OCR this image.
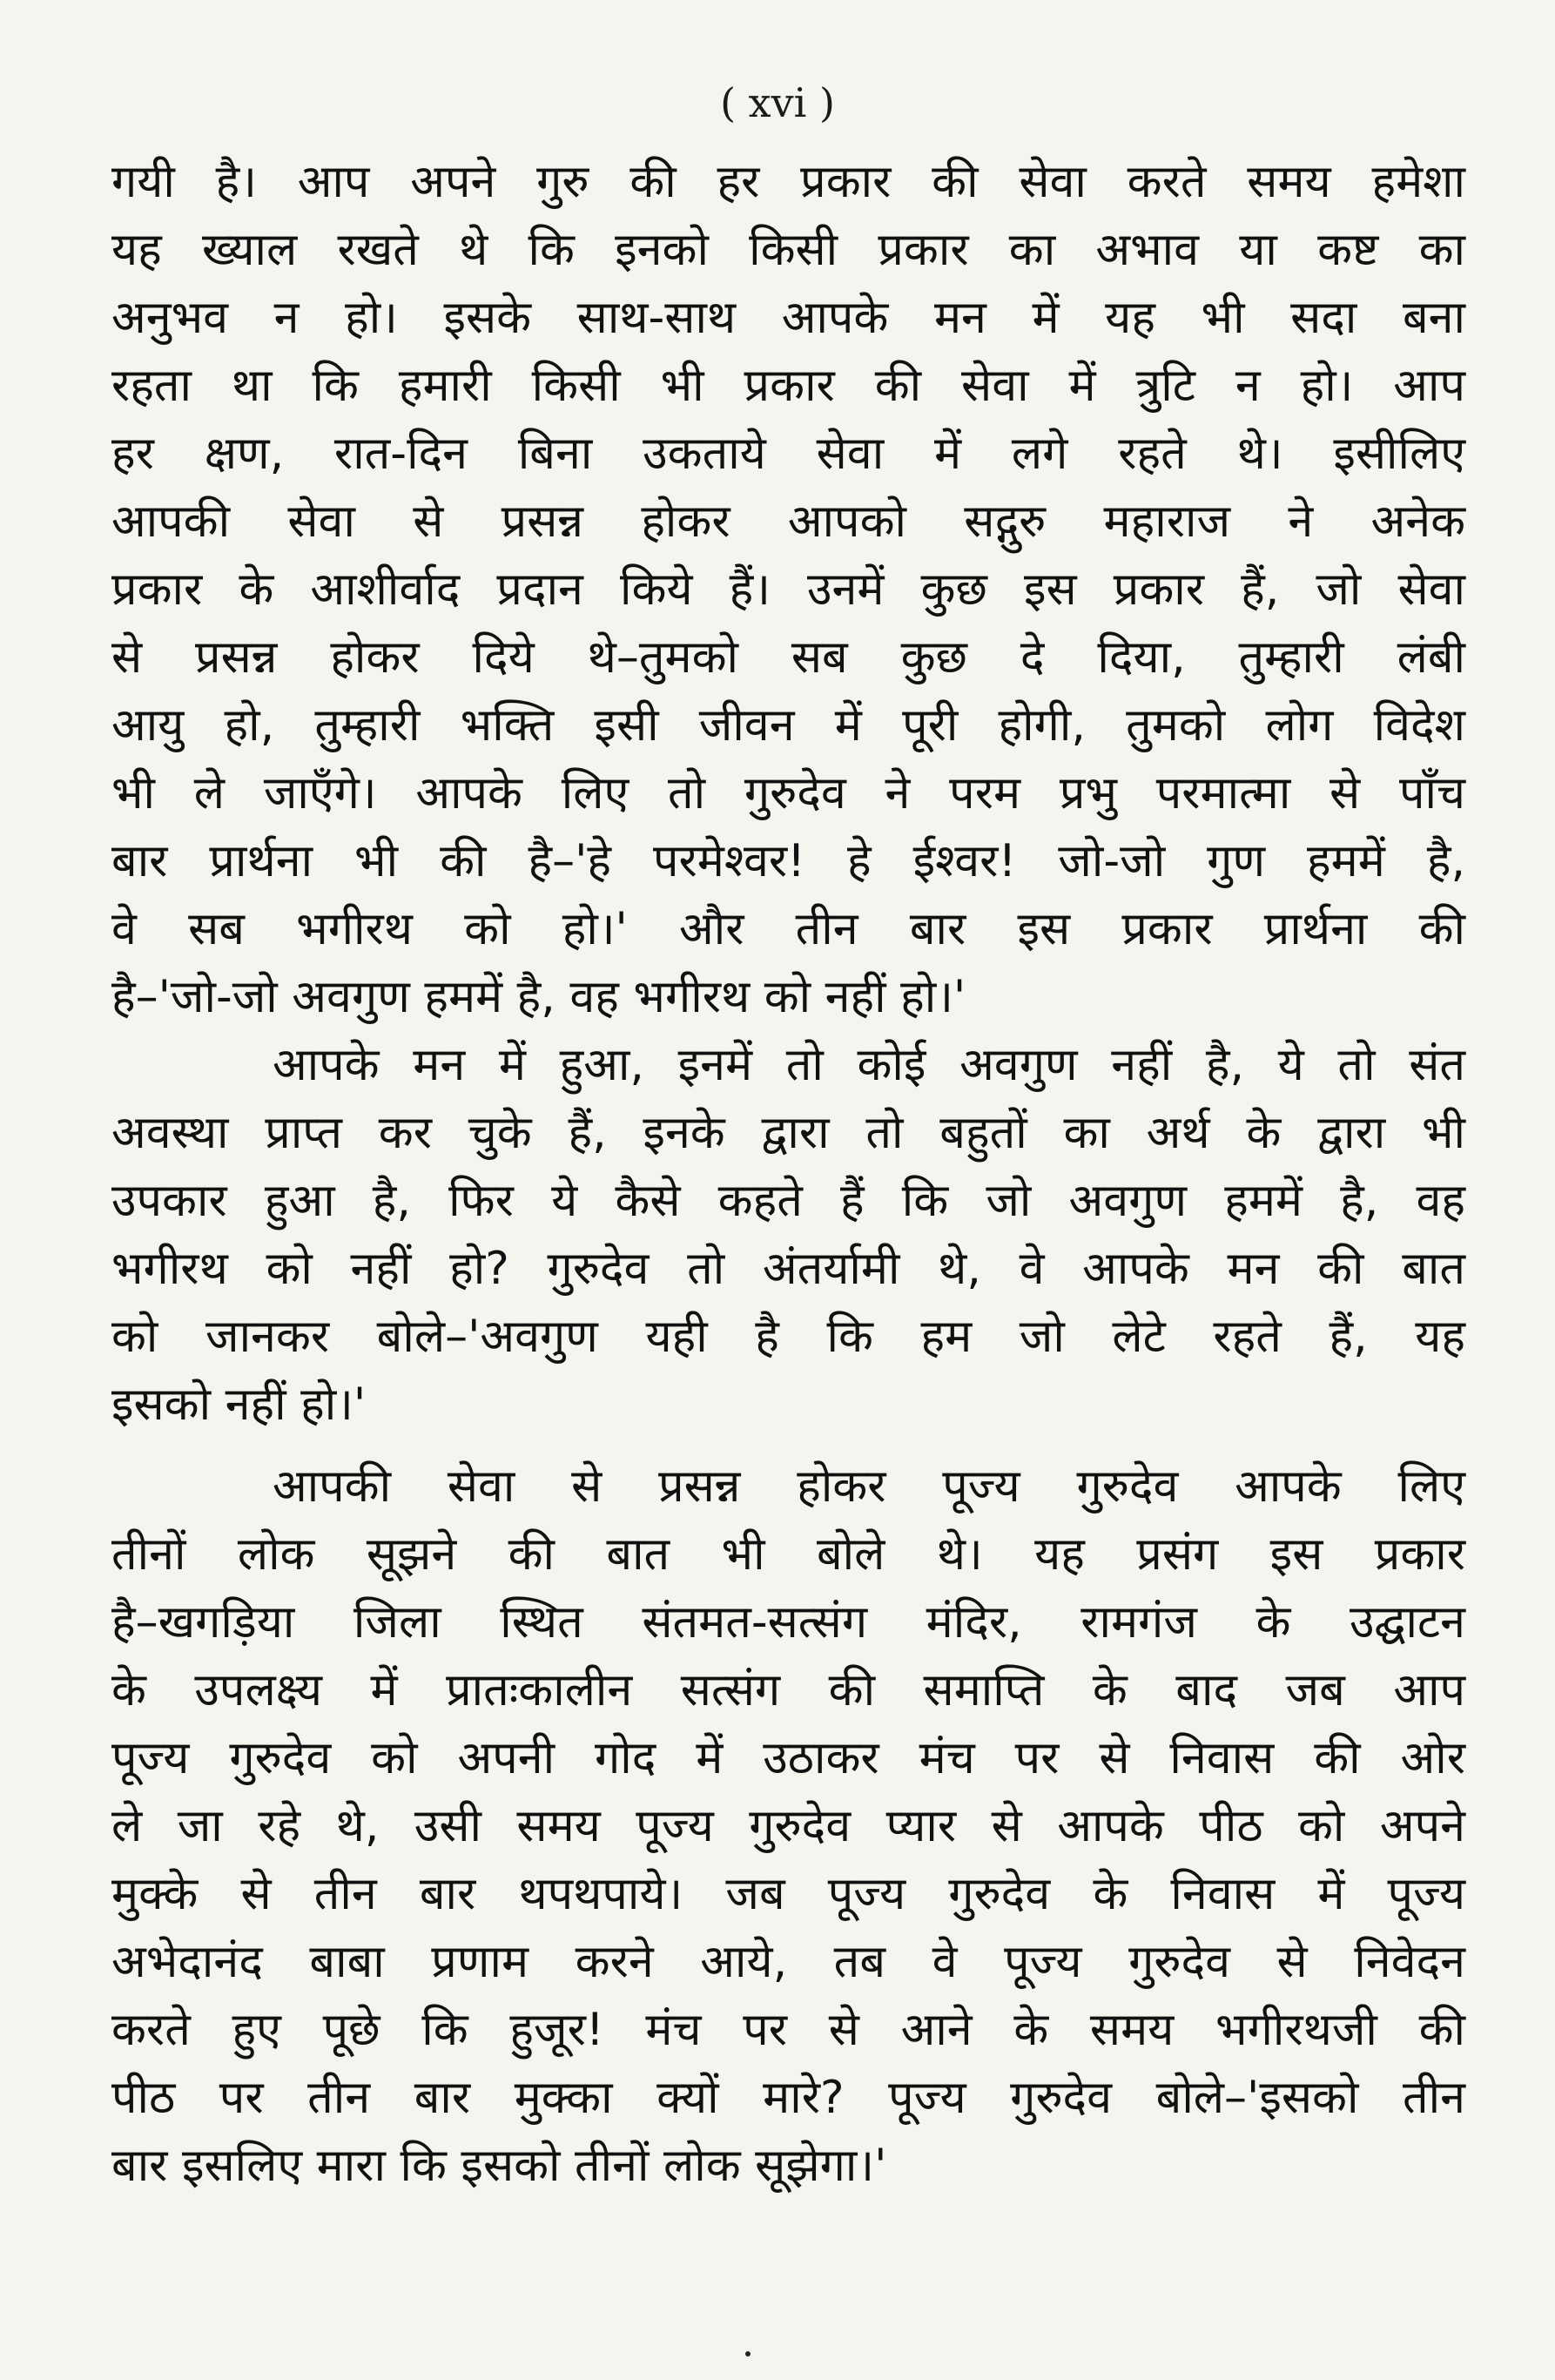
( xvi )
गयी है। आप अपने गुरु की हर प्रकार की सेवा करते समय हमेशा
यह ख्याल रखते थे कि इनको किसी प्रकार का अभाव या कष्ट का
अनुभव न हो। इसके साथ-साथ आपके मन में यह भी सदा बना
रहता था कि हमारी किसी भी प्रकार की सेवा में त्रुटि न हो। आप
हर क्षण, रात-दिन बिना उकताये सेवा में लगे रहते थे। इसीलिए
आपकी सेवा से प्रसन्न होकर आपको सद्गुरु महाराज ने अनेक
प्रकार के आशीर्वाद प्रदान किये हैं। उनमें कुछ इस प्रकार हैं, जो सेवा
से प्रसन्न होकर दिये थे–तुमको सब कुछ दे दिया, तुम्हारी लंबी
आयु हो, तुम्हारी भक्ति इसी जीवन में पूरी होगी, तुमको लोग विदेश
भी ले जाएँगे। आपके लिए तो गुरुदेव ने परम प्रभु परमात्मा से पाँच
बार प्रार्थना भी की है–'हे परमेश्वर! हे ईश्वर! जो-जो गुण हममें है,
वे सब भगीरथ को हो।' और तीन बार इस प्रकार प्रार्थना की
है–'जो-जो अवगुण हममें है, वह भगीरथ को नहीं हो।'
आपके मन में हुआ, इनमें तो कोई अवगुण नहीं है, ये तो संत
अवस्था प्राप्त कर चुके हैं, इनके द्वारा तो बहुतों का अर्थ के द्वारा भी
उपकार हुआ है, फिर ये कैसे कहते हैं कि जो अवगुण हममें है, वह
भगीरथ को नहीं हो? गुरुदेव तो अंतर्यामी थे, वे आपके मन की बात
को जानकर बोले–'अवगुण यही है कि हम जो लेटे रहते हैं, यह
इसको नहीं हो।'
आपकी सेवा से प्रसन्न होकर पूज्य गुरुदेव आपके लिए
तीनों लोक सूझने की बात भी बोले थे। यह प्रसंग इस प्रकार
है–खगड़िया जिला स्थित संतमत-सत्संग मंदिर, रामगंज के उद्घाटन
के उपलक्ष्य में प्रातःकालीन सत्संग की समाप्ति के बाद जब आप
पूज्य गुरुदेव को अपनी गोद में उठाकर मंच पर से निवास की ओर
ले जा रहे थे, उसी समय पूज्य गुरुदेव प्यार से आपके पीठ को अपने
मुक्के से तीन बार थपथपाये। जब पूज्य गुरुदेव के निवास में पूज्य
अभेदानंद बाबा प्रणाम करने आये, तब वे पूज्य गुरुदेव से निवेदन
करते हुए पूछे कि हुजूर! मंच पर से आने के समय भगीरथजी की
पीठ पर तीन बार मुक्का क्यों मारे? पूज्य गुरुदेव बोले–'इसको तीन
बार इसलिए मारा कि इसको तीनों लोक सूझेगा।'
